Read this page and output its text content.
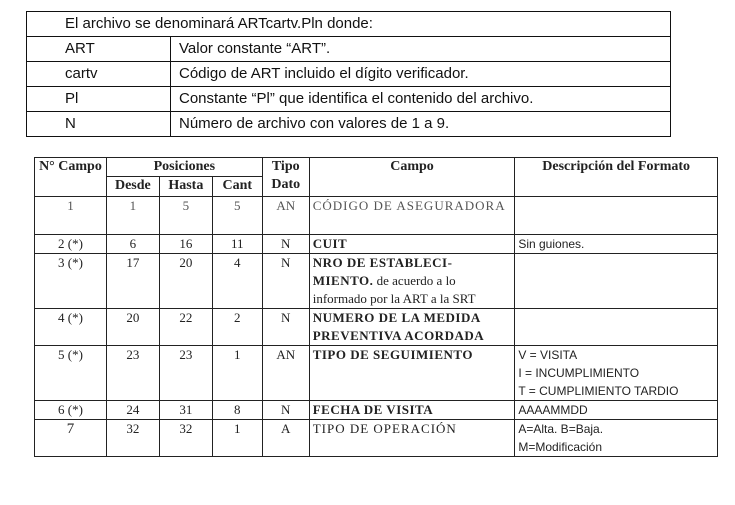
El archivo se denominará ARTcartv.Pln donde:	
ART	Valor constante “ART”.
cartv	Código de ART incluido el dígito verificador.
Pl	Constante “Pl” que identifica el contenido del archivo.
N	Número de archivo con valores de 1 a 9.
N° Campo	Posiciones			Tipo Dato	Campo	Descripción del Formato
	Desde	Hasta	Cant			
1	1	5	5	AN	CÓDIGO DE ASEGURADORA	
2 (*)	6	16	11	N	CUIT	Sin guiones.
3 (*)	17	20	4	N	NRO DE ESTABLECI-MIENTO. de acuerdo a lo informado por la ART a la SRT	
4 (*)	20	22	2	N	NUMERO DE LA MEDIDA PREVENTIVA ACORDADA	
5 (*)	23	23	1	AN	TIPO DE SEGUIMIENTO	V = VISITA
I = INCUMPLIMIENTO
T = CUMPLIMIENTO TARDIO
6 (*)	24	31	8	N	FECHA DE VISITA	AAAAMMDD
7	32	32	1	A	TIPO DE OPERACIÓN	A=Alta. B=Baja.
M=Modificación
